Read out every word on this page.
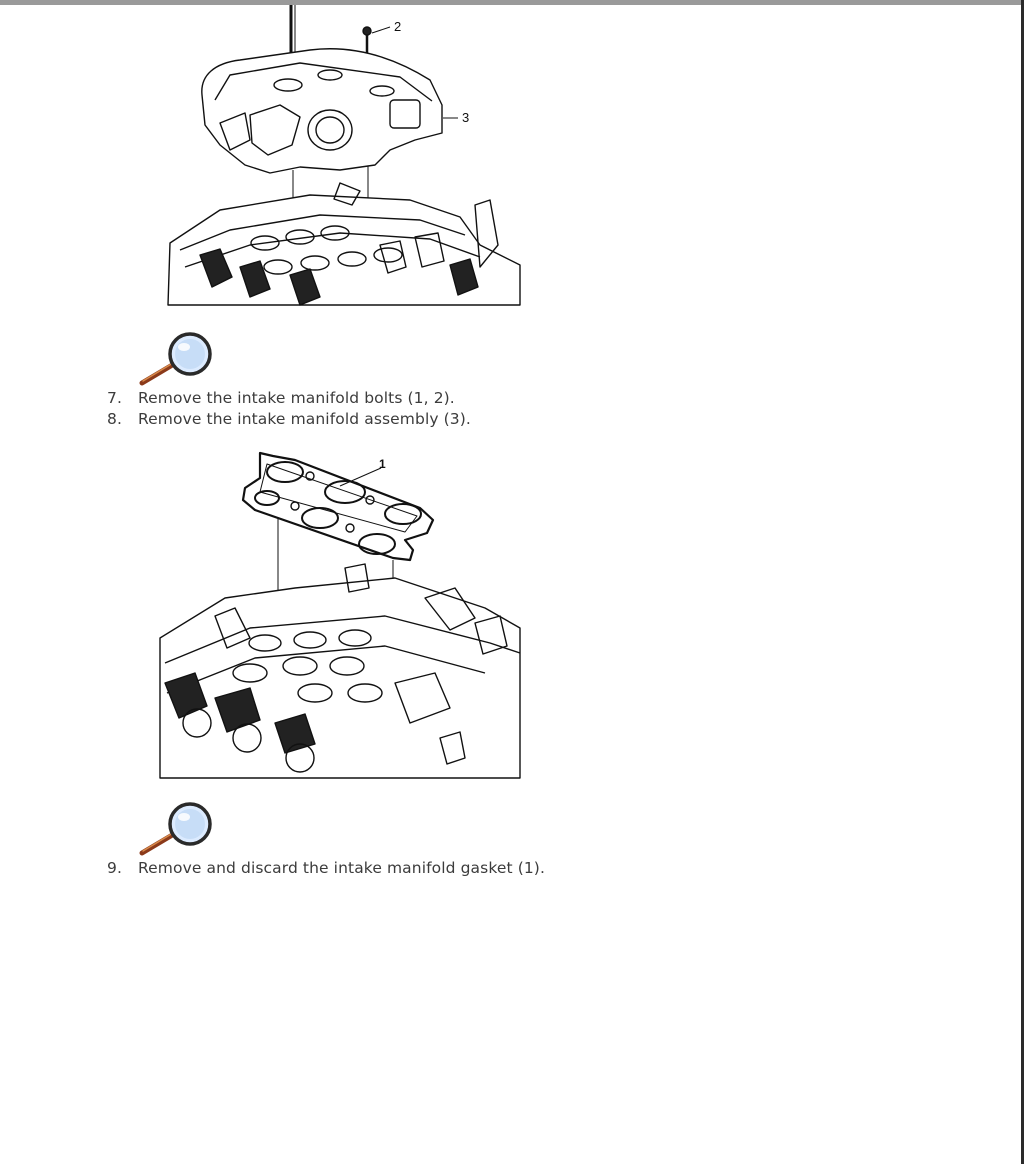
2
3
7.	Remove the intake manifold bolts (1, 2).
8.	Remove the intake manifold assembly (3).
1
9.	Remove and discard the intake manifold gasket (1).
